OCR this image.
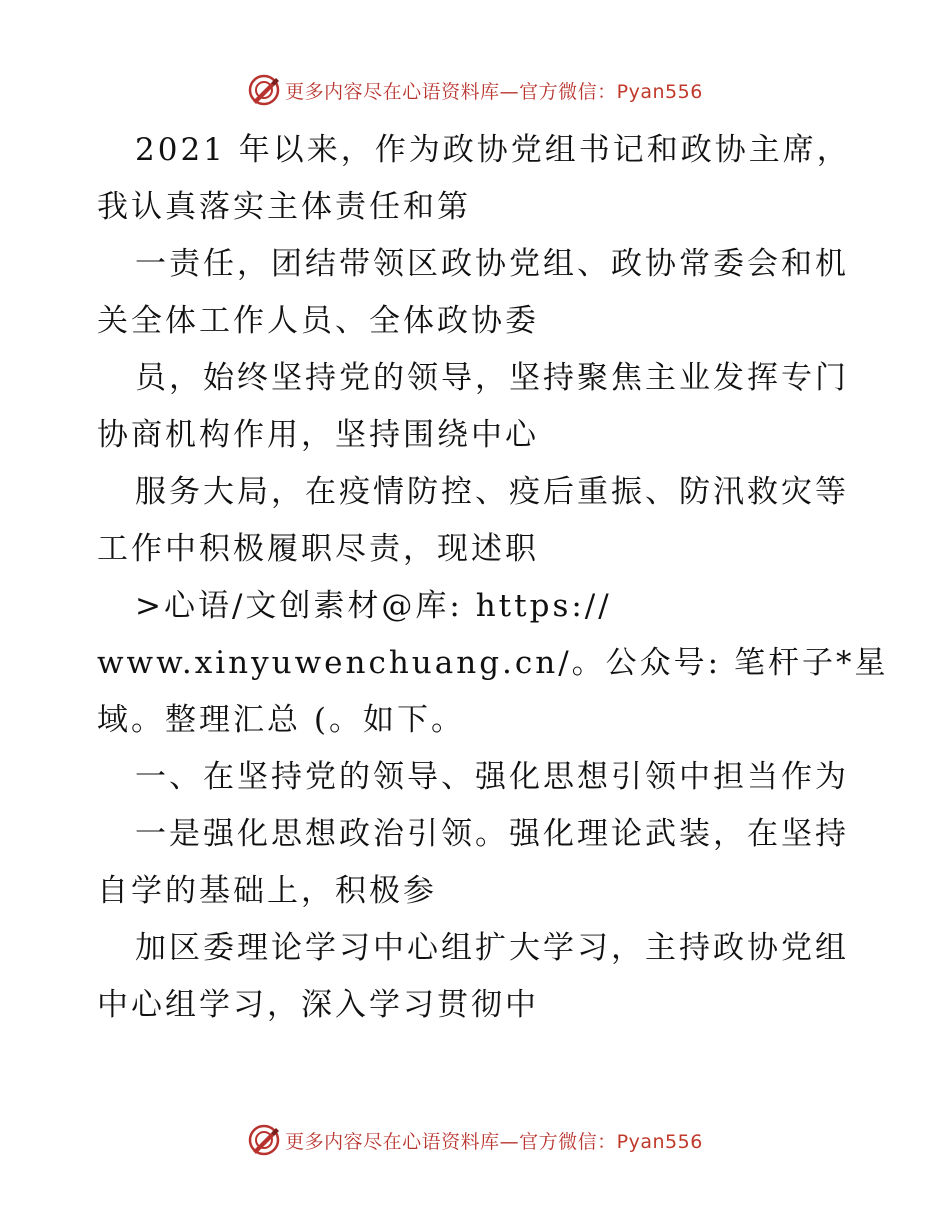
更多内容尽在心语资料库—官方微信：Pyan556
2021 年以来，作为政协党组书记和政协主席，
我认真落实主体责任和第
一责任，团结带领区政协党组、政协常委会和机
关全体工作人员、全体政协委
员，始终坚持党的领导，坚持聚焦主业发挥专门
协商机构作用，坚持围绕中心
服务大局，在疫情防控、疫后重振、防汛救灾等
工作中积极履职尽责，现述职
>心语/文创素材@库: https://
www.xinyuwenchuang.cn/。公众号: 笔杆子*星
域。整理汇总 (。如下。
一、在坚持党的领导、强化思想引领中担当作为
一是强化思想政治引领。强化理论武装，在坚持
自学的基础上，积极参
加区委理论学习中心组扩大学习，主持政协党组
中心组学习，深入学习贯彻中
更多内容尽在心语资料库—官方微信：Pyan556
